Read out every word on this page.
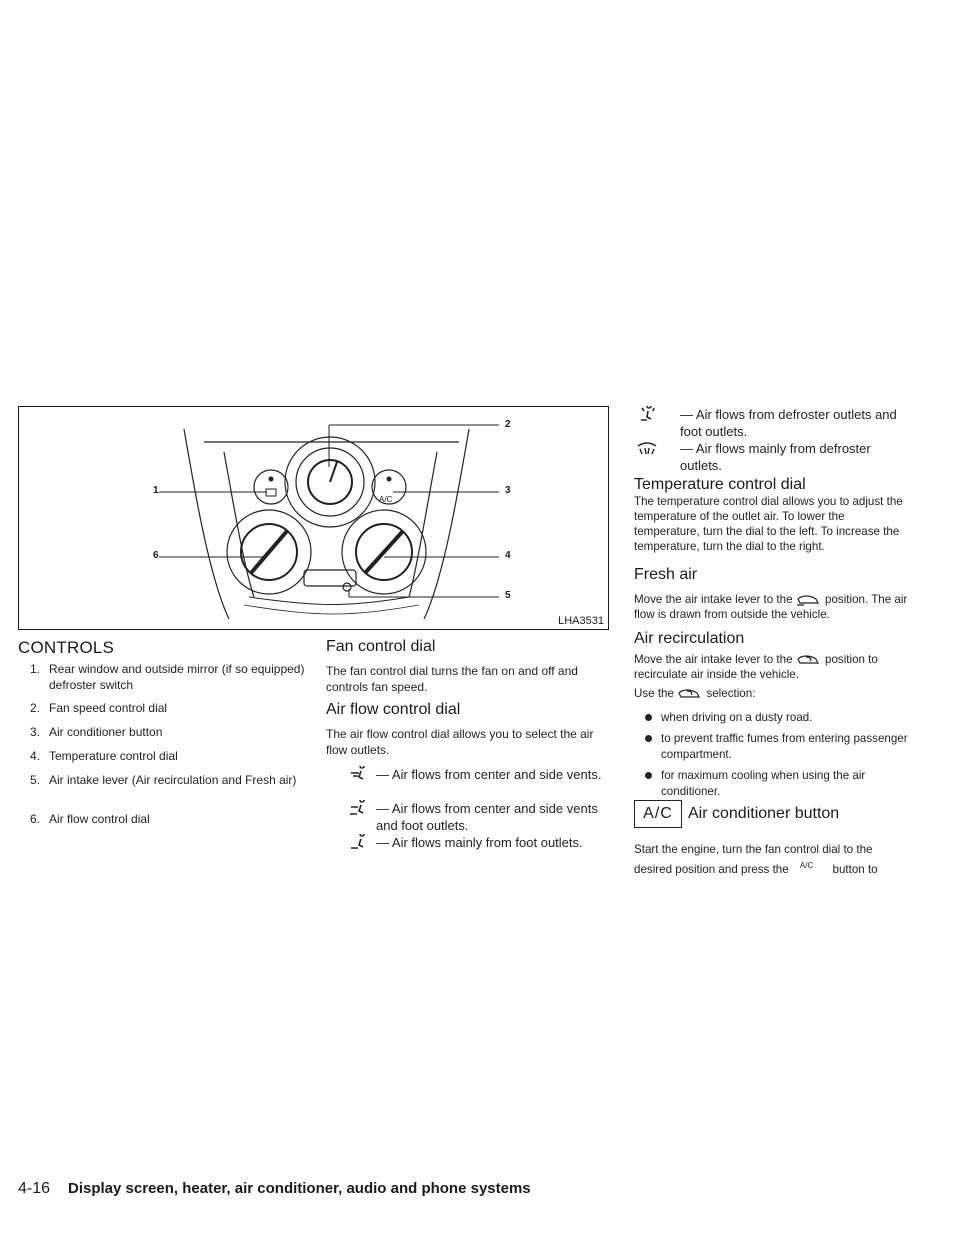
1
2
3
4
5
6
A/C
LHA3531
CONTROLS
1. Rear window and outside mirror (if so equipped) defroster switch
2. Fan speed control dial
3. Air conditioner button
4. Temperature control dial
5. Air intake lever (Air recirculation and Fresh air)
6. Air flow control dial
Fan control dial
The fan control dial turns the fan on and off and controls fan speed.
Air flow control dial
The air flow control dial allows you to select the air flow outlets.
— Air flows from center and side vents.
— Air flows from center and side vents and foot outlets.
— Air flows mainly from foot outlets.
— Air flows from defroster outlets and foot outlets.
— Air flows mainly from defroster outlets.
Temperature control dial
The temperature control dial allows you to adjust the temperature of the outlet air. To lower the temperature, turn the dial to the left. To increase the temperature, turn the dial to the right.
Fresh air
Move the air intake lever to the	position. The air flow is drawn from outside the vehicle.
Air recirculation
Move the air intake lever to the	position to recirculate air inside the vehicle.
Use the	selection:
when driving on a dusty road.
to prevent traffic fumes from entering passenger compartment.
for maximum cooling when using the air conditioner.
A/C Air conditioner button
Start the engine, turn the fan control dial to the desired position and press the $^{A/C}$ button to
4-16 Display screen, heater, air conditioner, audio and phone systems
